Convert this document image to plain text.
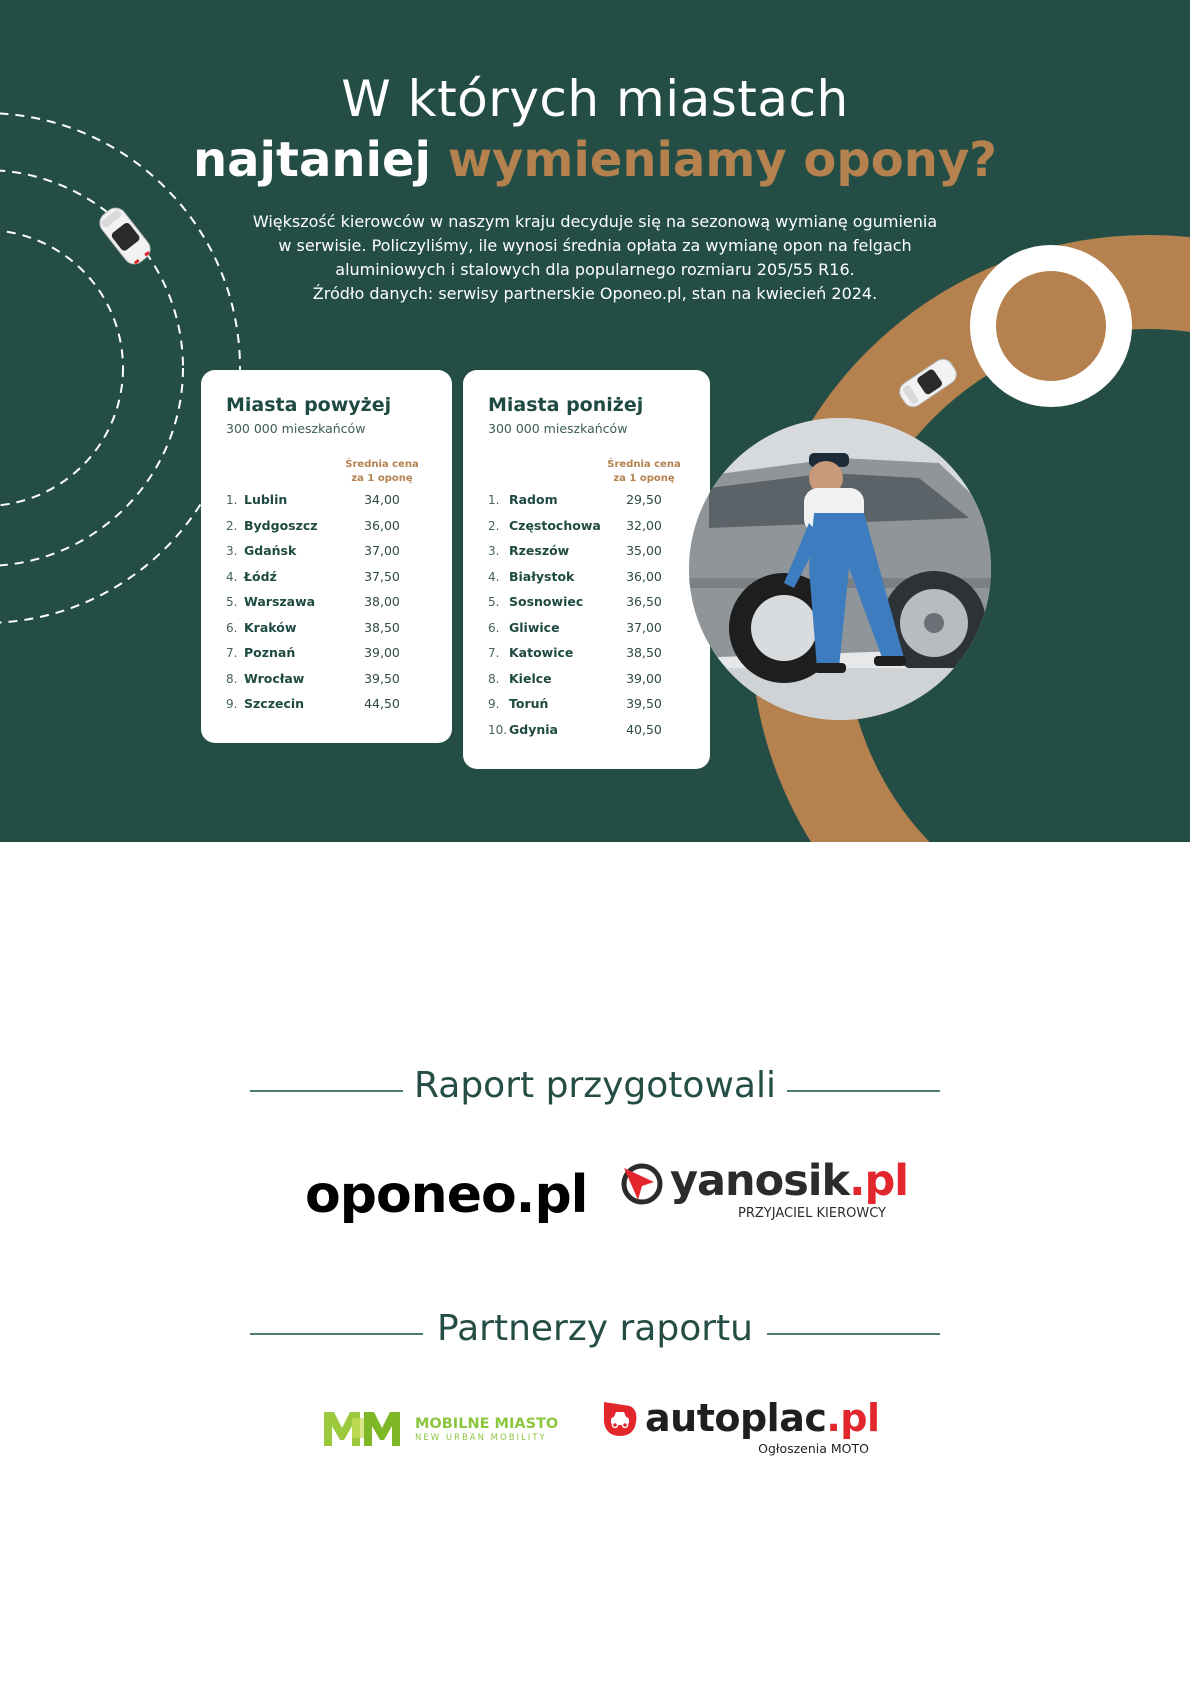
W których miastach
najtaniej wymieniamy opony?

Większość kierowców w naszym kraju decyduje się na sezonową wymianę ogumienia

w serwisie. Policzyliśmy, ile wynosi średnia opłata za wymianę opon na felgach

aluminiowych i stalowych dla popularnego rozmiaru 205/55 R16.

Źródło danych: serwisy partnerskie Oponeo.pl, stan na kwiecień 2024.

Miasta powyżej
300 000 mieszkańców
Średnia cena
za 1 oponę
1. Lublin	34,00
2. Bydgoszcz	36,00
3. Gdańsk	37,00
4. Łódź	37,50
5. Warszawa	38,00
6. Kraków	38,50
7. Poznań	39,00
8. Wrocław	39,50
9. Szczecin	44,50
Miasta poniżej
300 000 mieszkańców
Średnia cena
za 1 oponę
1. Radom	29,50
2. Częstochowa	32,00
3. Rzeszów	35,00
4. Białystok	36,00
5. Sosnowiec	36,50
6. Gliwice	37,00
7. Katowice	38,50
8. Kielce	39,00
9. Toruń	39,50
10. Gdynia	40,50
Raport przygotowali
oponeo.pl yanosik.pl
PRZYJACIEL KIEROWCY
Partnerzy raportu
MOBILNE MIASTO
NEW URBAN MOBILITY	autoplac.pl
Ogłoszenia MOTO
